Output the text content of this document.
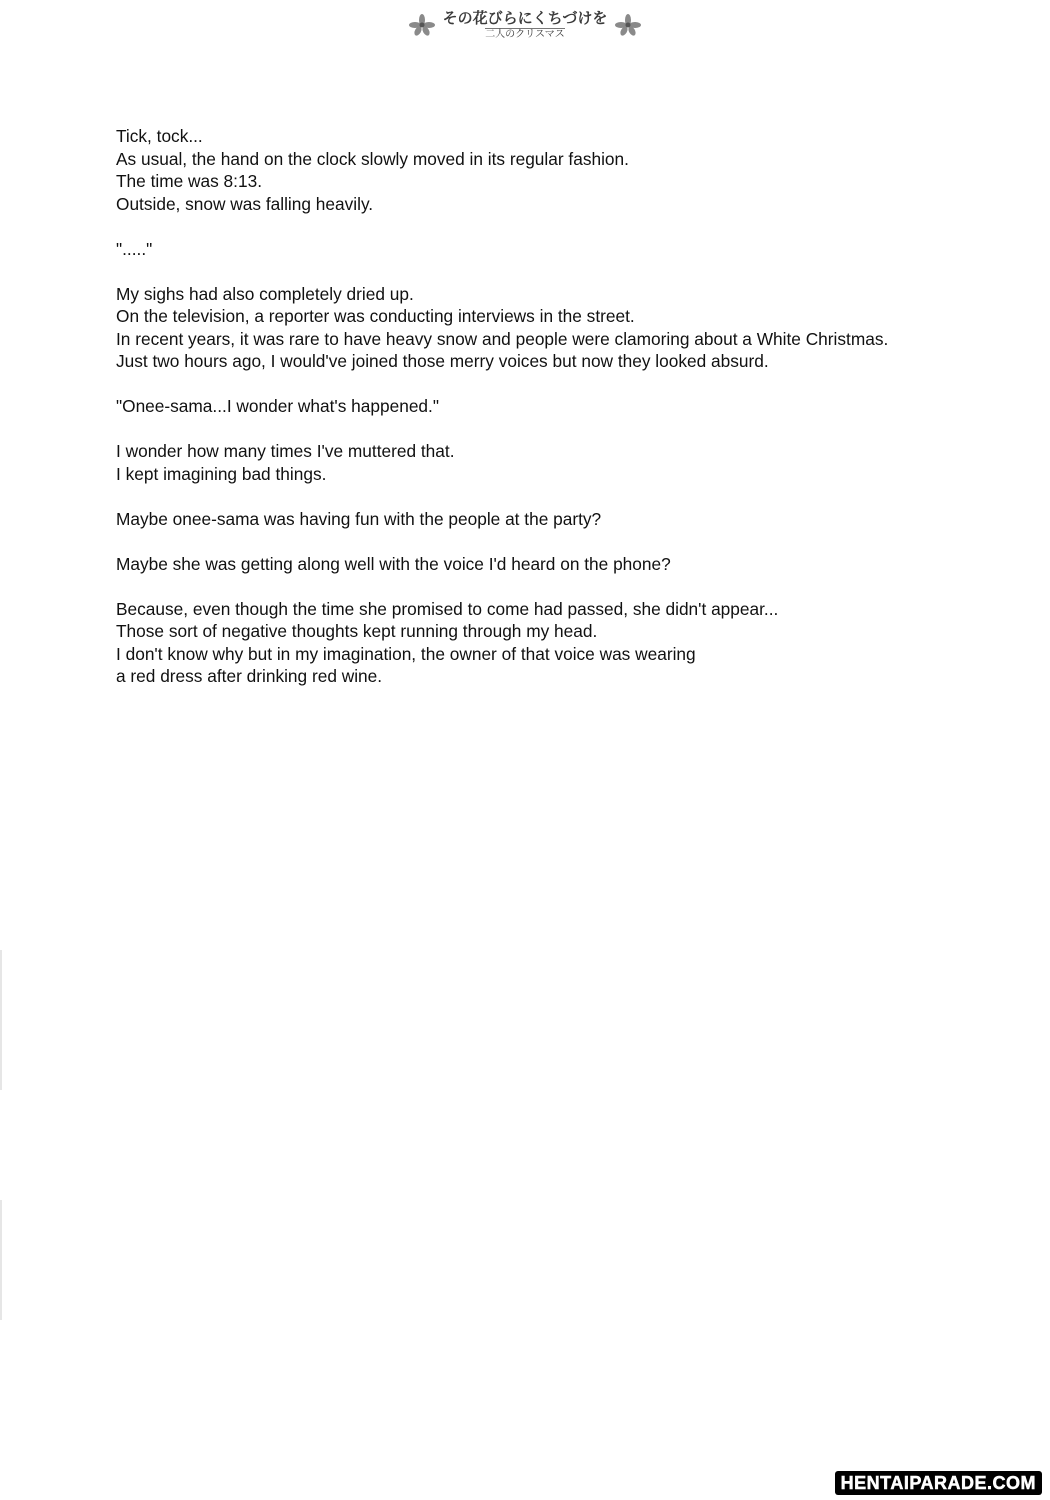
その花びらにくちづけを
二人のクリスマス

Tick, tock...
As usual, the hand on the clock slowly moved in its regular fashion.
The time was 8:13.
Outside, snow was falling heavily.

"....."

My sighs had also completely dried up.
On the television, a reporter was conducting interviews in the street.
In recent years, it was rare to have heavy snow and people were clamoring about a White Christmas.
Just two hours ago, I would've joined those merry voices but now they looked absurd.

"Onee-sama...I wonder what's happened."

I wonder how many times I've muttered that.
I kept imagining bad things.

Maybe onee-sama was having fun with the people at the party?

Maybe she was getting along well with the voice I'd heard on the phone?

Because, even though the time she promised to come had passed, she didn't appear...
Those sort of negative thoughts kept running through my head.
I don't know why but in my imagination, the owner of that voice was wearing
a red dress after drinking red wine.

HENTAIPARADE.COM
